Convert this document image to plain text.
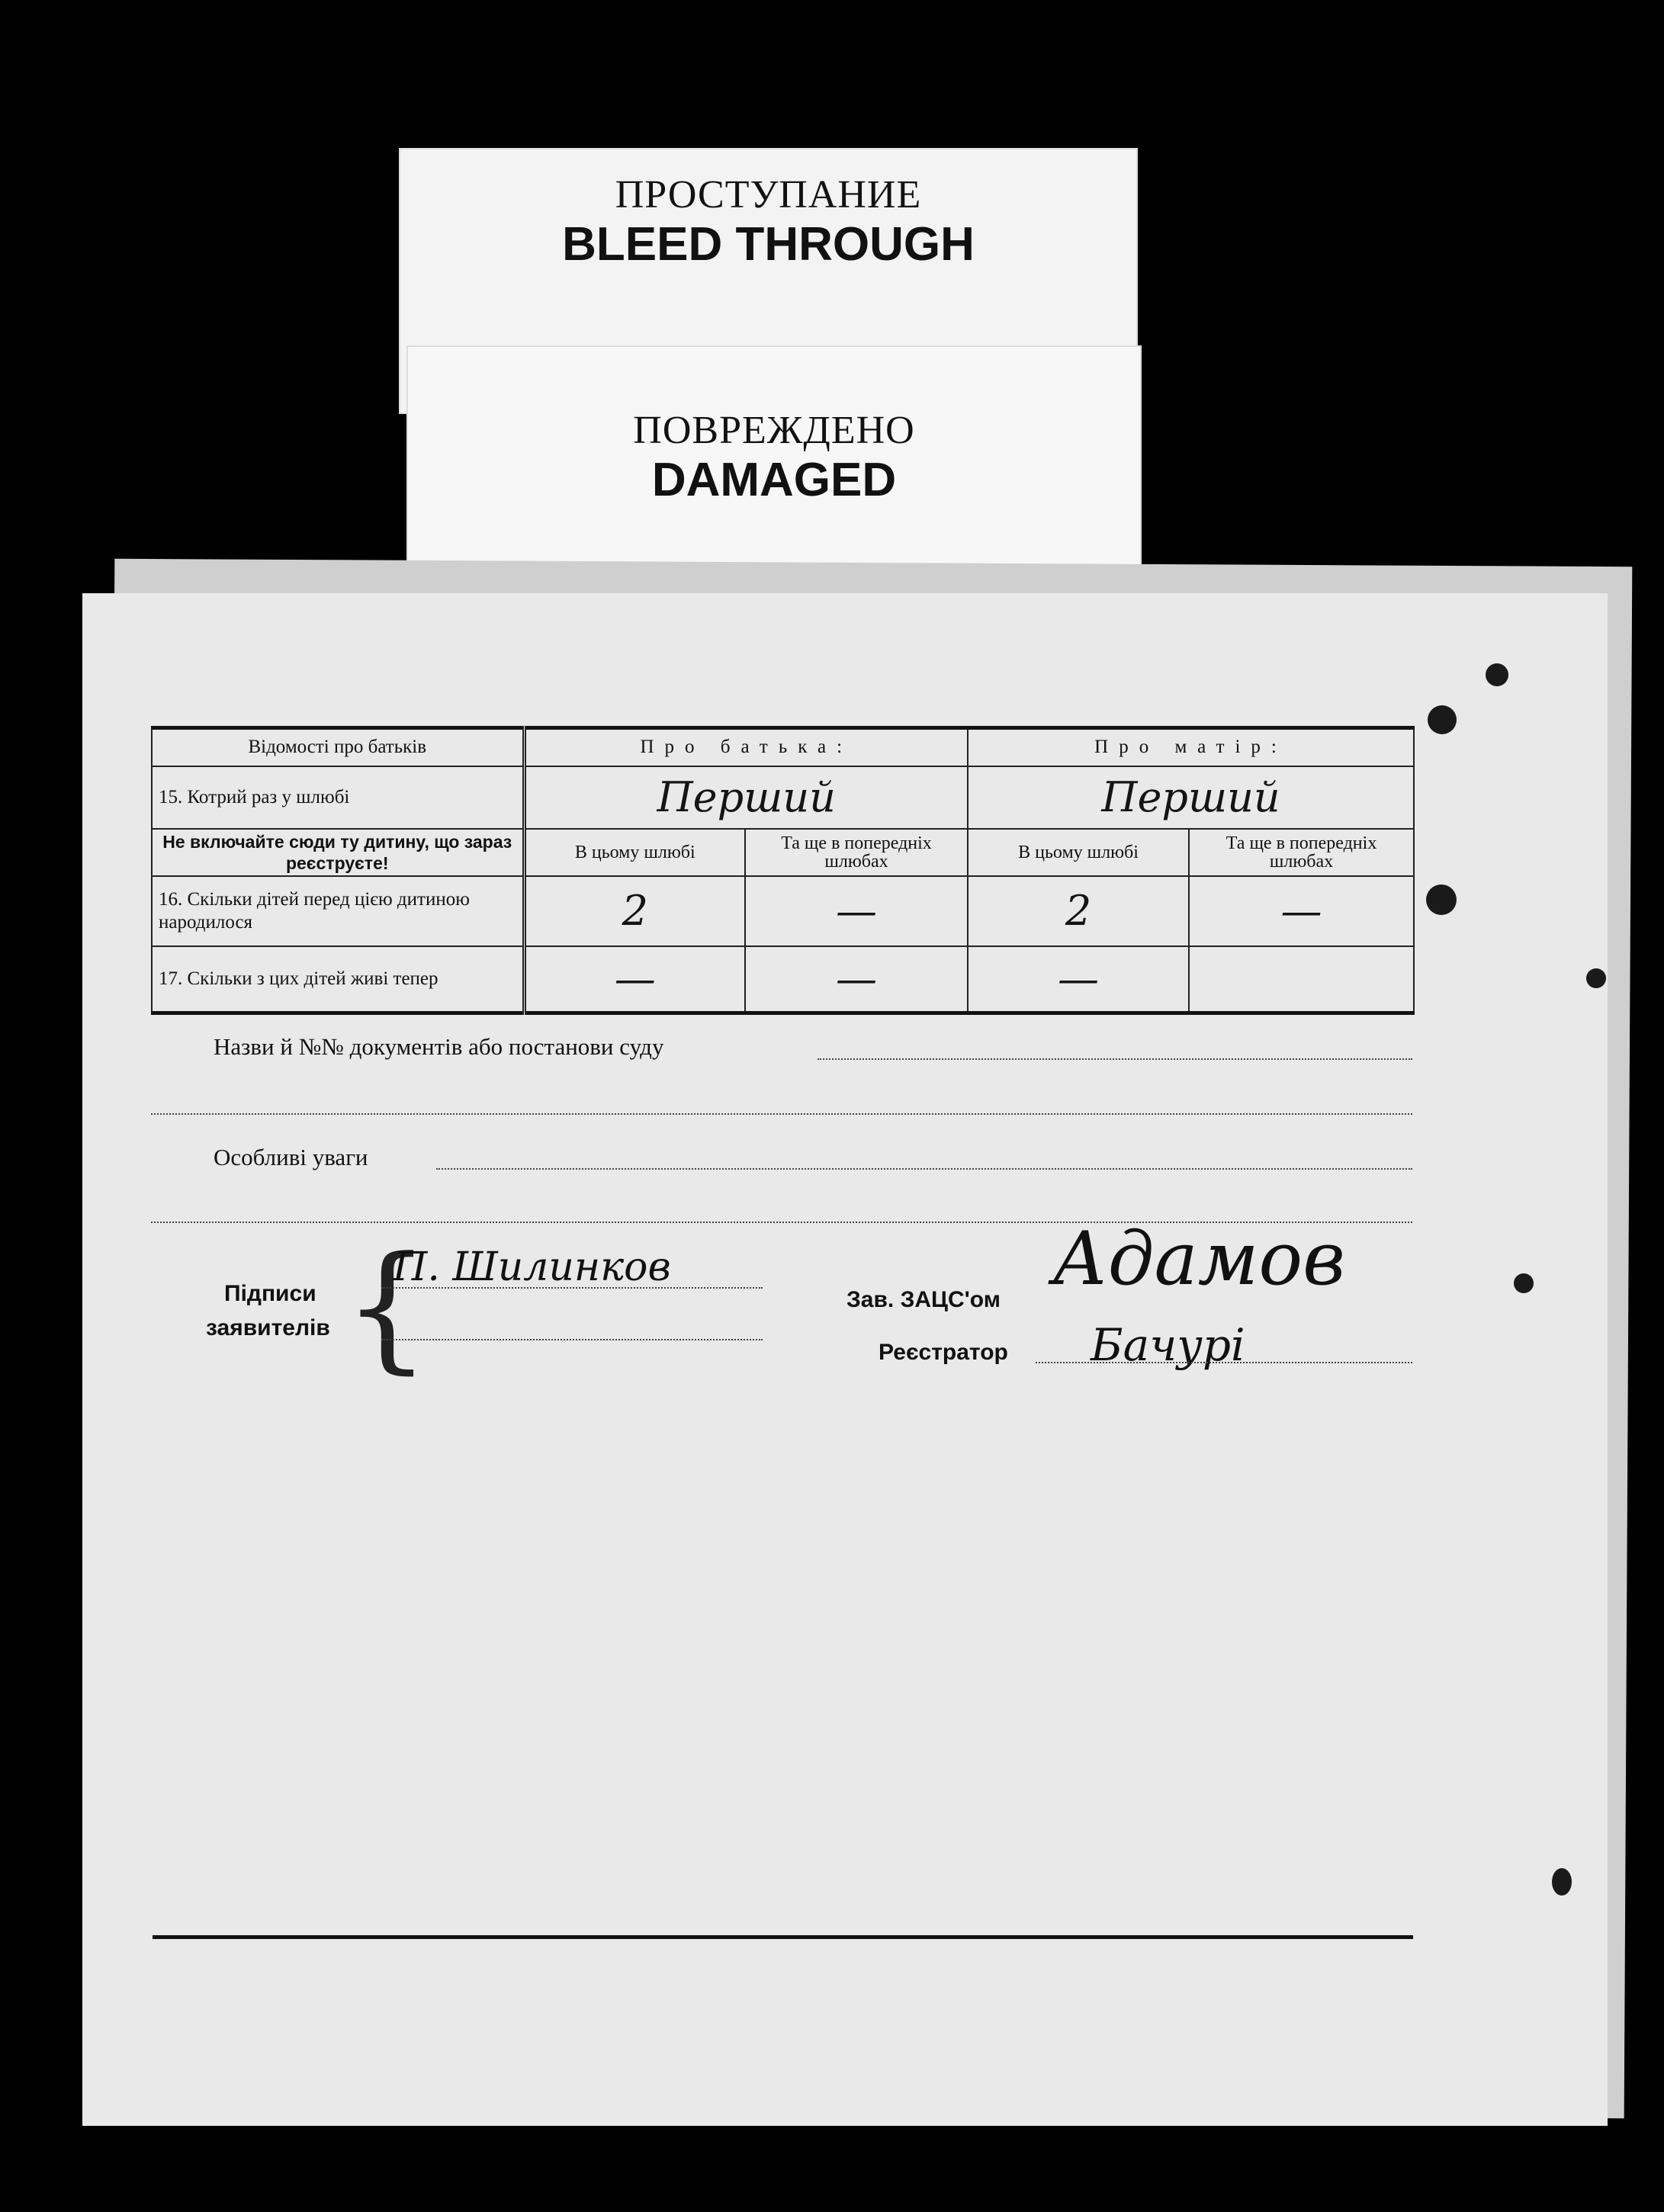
ПРОСТУПАНИЕ
BLEED THROUGH
ПОВРЕЖДЕНО
DAMAGED
Відомості про батьків	Про батька:		Про матір:	
15. Котрий раз у шлюбі	Перший		Перший	
Не включайте сюди ту дитину, що зараз реєструєте!	В цьому шлюбі	Та ще в попередніх шлюбах	В цьому шлюбі	Та ще в попередніх шлюбах
16. Скільки дітей перед цією дитиною народилося	2	—	2	—
17. Скільки з цих дітей живі тепер	—	—	—	
Назви й №№ документів або постанови суду
Особливі уваги
Підписи
заявителів {
П. Шилинков
Зав. ЗАЦС'ом Адамов
Реєстратор Бачурі
